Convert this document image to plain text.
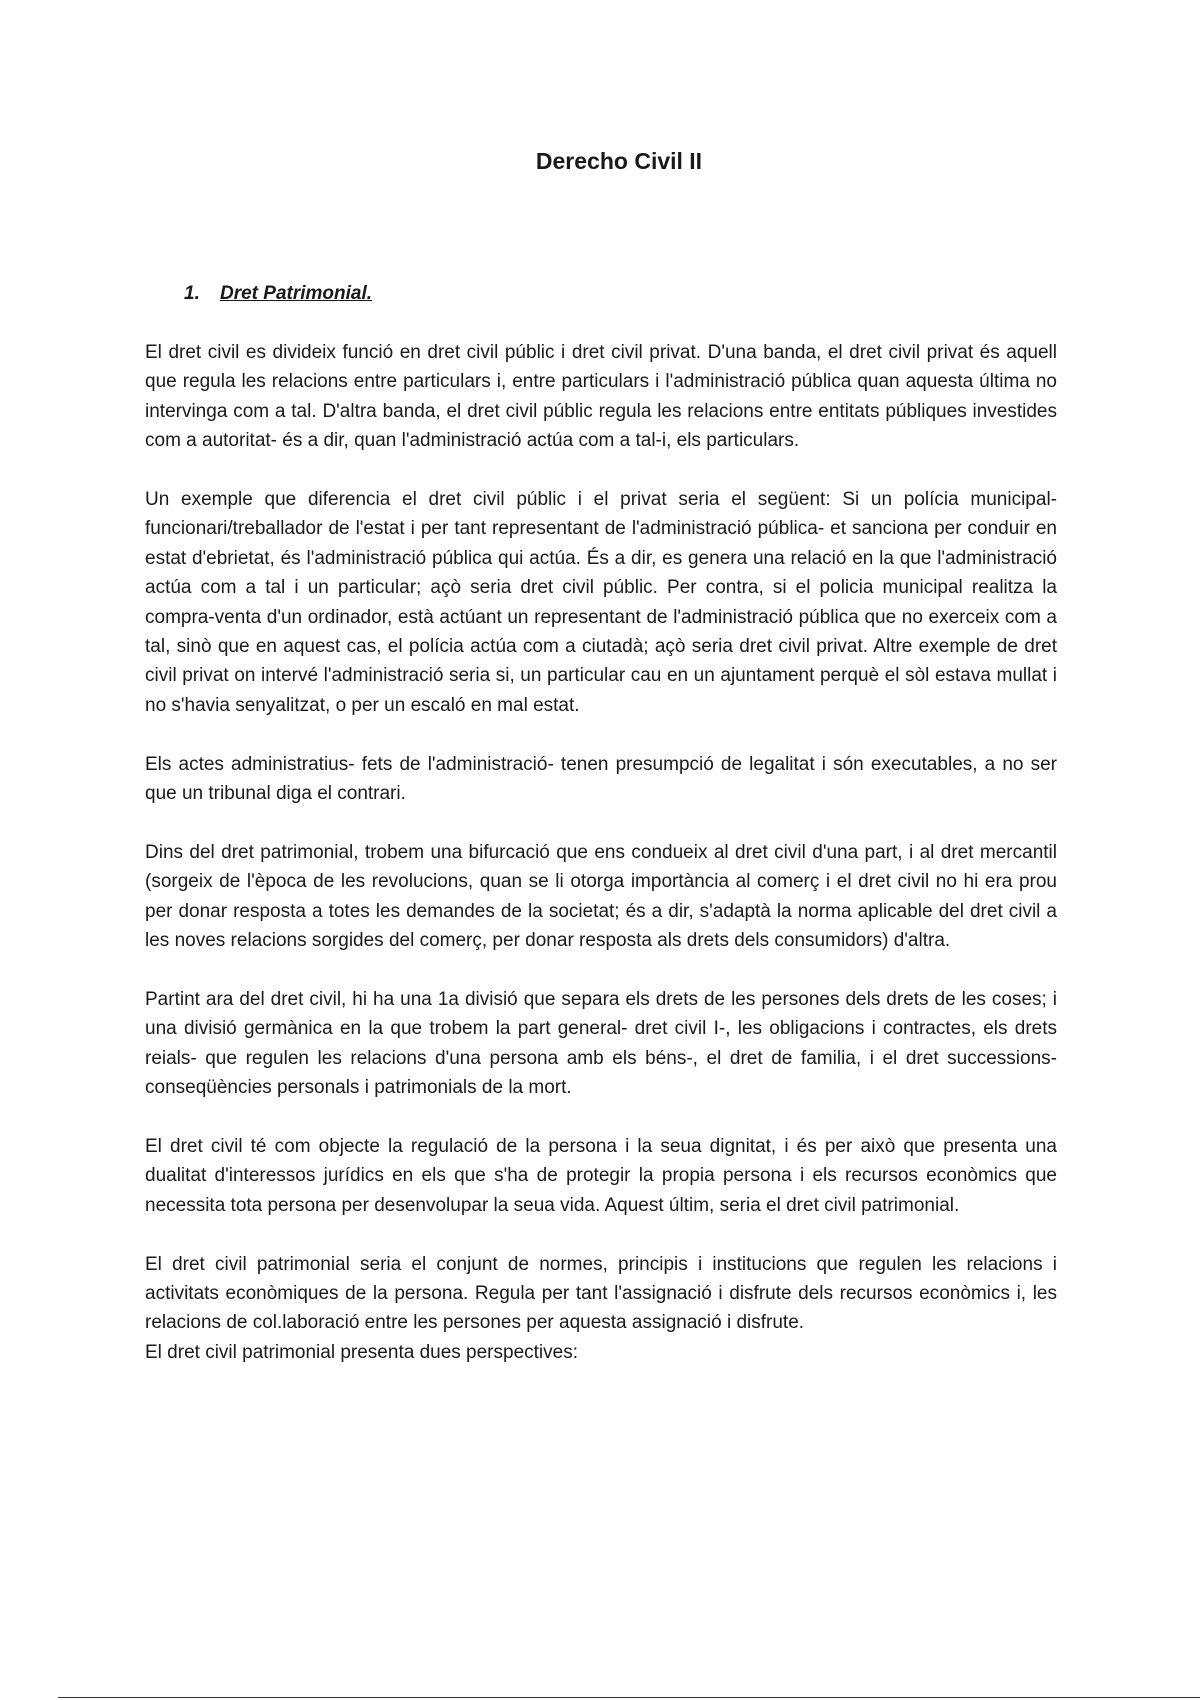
Derecho Civil II
1. Dret Patrimonial.

El dret civil es divideix funció en dret civil públic i dret civil privat. D'una banda, el dret civil privat és aquell que regula les relacions entre particulars i, entre particulars i l'administració pública quan aquesta última no intervinga com a tal. D'altra banda, el dret civil públic regula les relacions entre entitats públiques investides com a autoritat- és a dir, quan l'administració actúa com a tal-i, els particulars.

Un exemple que diferencia el dret civil públic i el privat seria el següent: Si un polícia municipal- funcionari/treballador de l'estat i per tant representant de l'administració pública- et sanciona per conduir en estat d'ebrietat, és l'administració pública qui actúa. És a dir, es genera una relació en la que l'administració actúa com a tal i un particular; açò seria dret civil públic. Per contra, si el policia municipal realitza la compra-venta d'un ordinador, està actúant un representant de l'administració pública que no exerceix com a tal, sinò que en aquest cas, el polícia actúa com a ciutadà; açò seria dret civil privat. Altre exemple de dret civil privat on intervé l'administració seria si, un particular cau en un ajuntament perquè el sòl estava mullat i no s'havia senyalitzat, o per un escaló en mal estat.

Els actes administratius- fets de l'administració- tenen presumpció de legalitat i són executables, a no ser que un tribunal diga el contrari.

Dins del dret patrimonial, trobem una bifurcació que ens condueix al dret civil d'una part, i al dret mercantil (sorgeix de l'època de les revolucions, quan se li otorga importància al comerç i el dret civil no hi era prou per donar resposta a totes les demandes de la societat; és a dir, s'adaptà la norma aplicable del dret civil a les noves relacions sorgides del comerç, per donar resposta als drets dels consumidors) d'altra.

Partint ara del dret civil, hi ha una 1a divisió que separa els drets de les persones dels drets de les coses; i una divisió germànica en la que trobem la part general- dret civil I-, les obligacions i contractes, els drets reials- que regulen les relacions d'una persona amb els béns-, el dret de familia, i el dret successions- conseqüències personals i patrimonials de la mort.

El dret civil té com objecte la regulació de la persona i la seua dignitat, i és per això que presenta una dualitat d'interessos jurídics en els que s'ha de protegir la propia persona i els recursos econòmics que necessita tota persona per desenvolupar la seua vida. Aquest últim, seria el dret civil patrimonial.

El dret civil patrimonial seria el conjunt de normes, principis i institucions que regulen les relacions i activitats econòmiques de la persona. Regula per tant l'assignació i disfrute dels recursos econòmics i, les relacions de col.laboració entre les persones per aquesta assignació i disfrute.

El dret civil patrimonial presenta dues perspectives:
